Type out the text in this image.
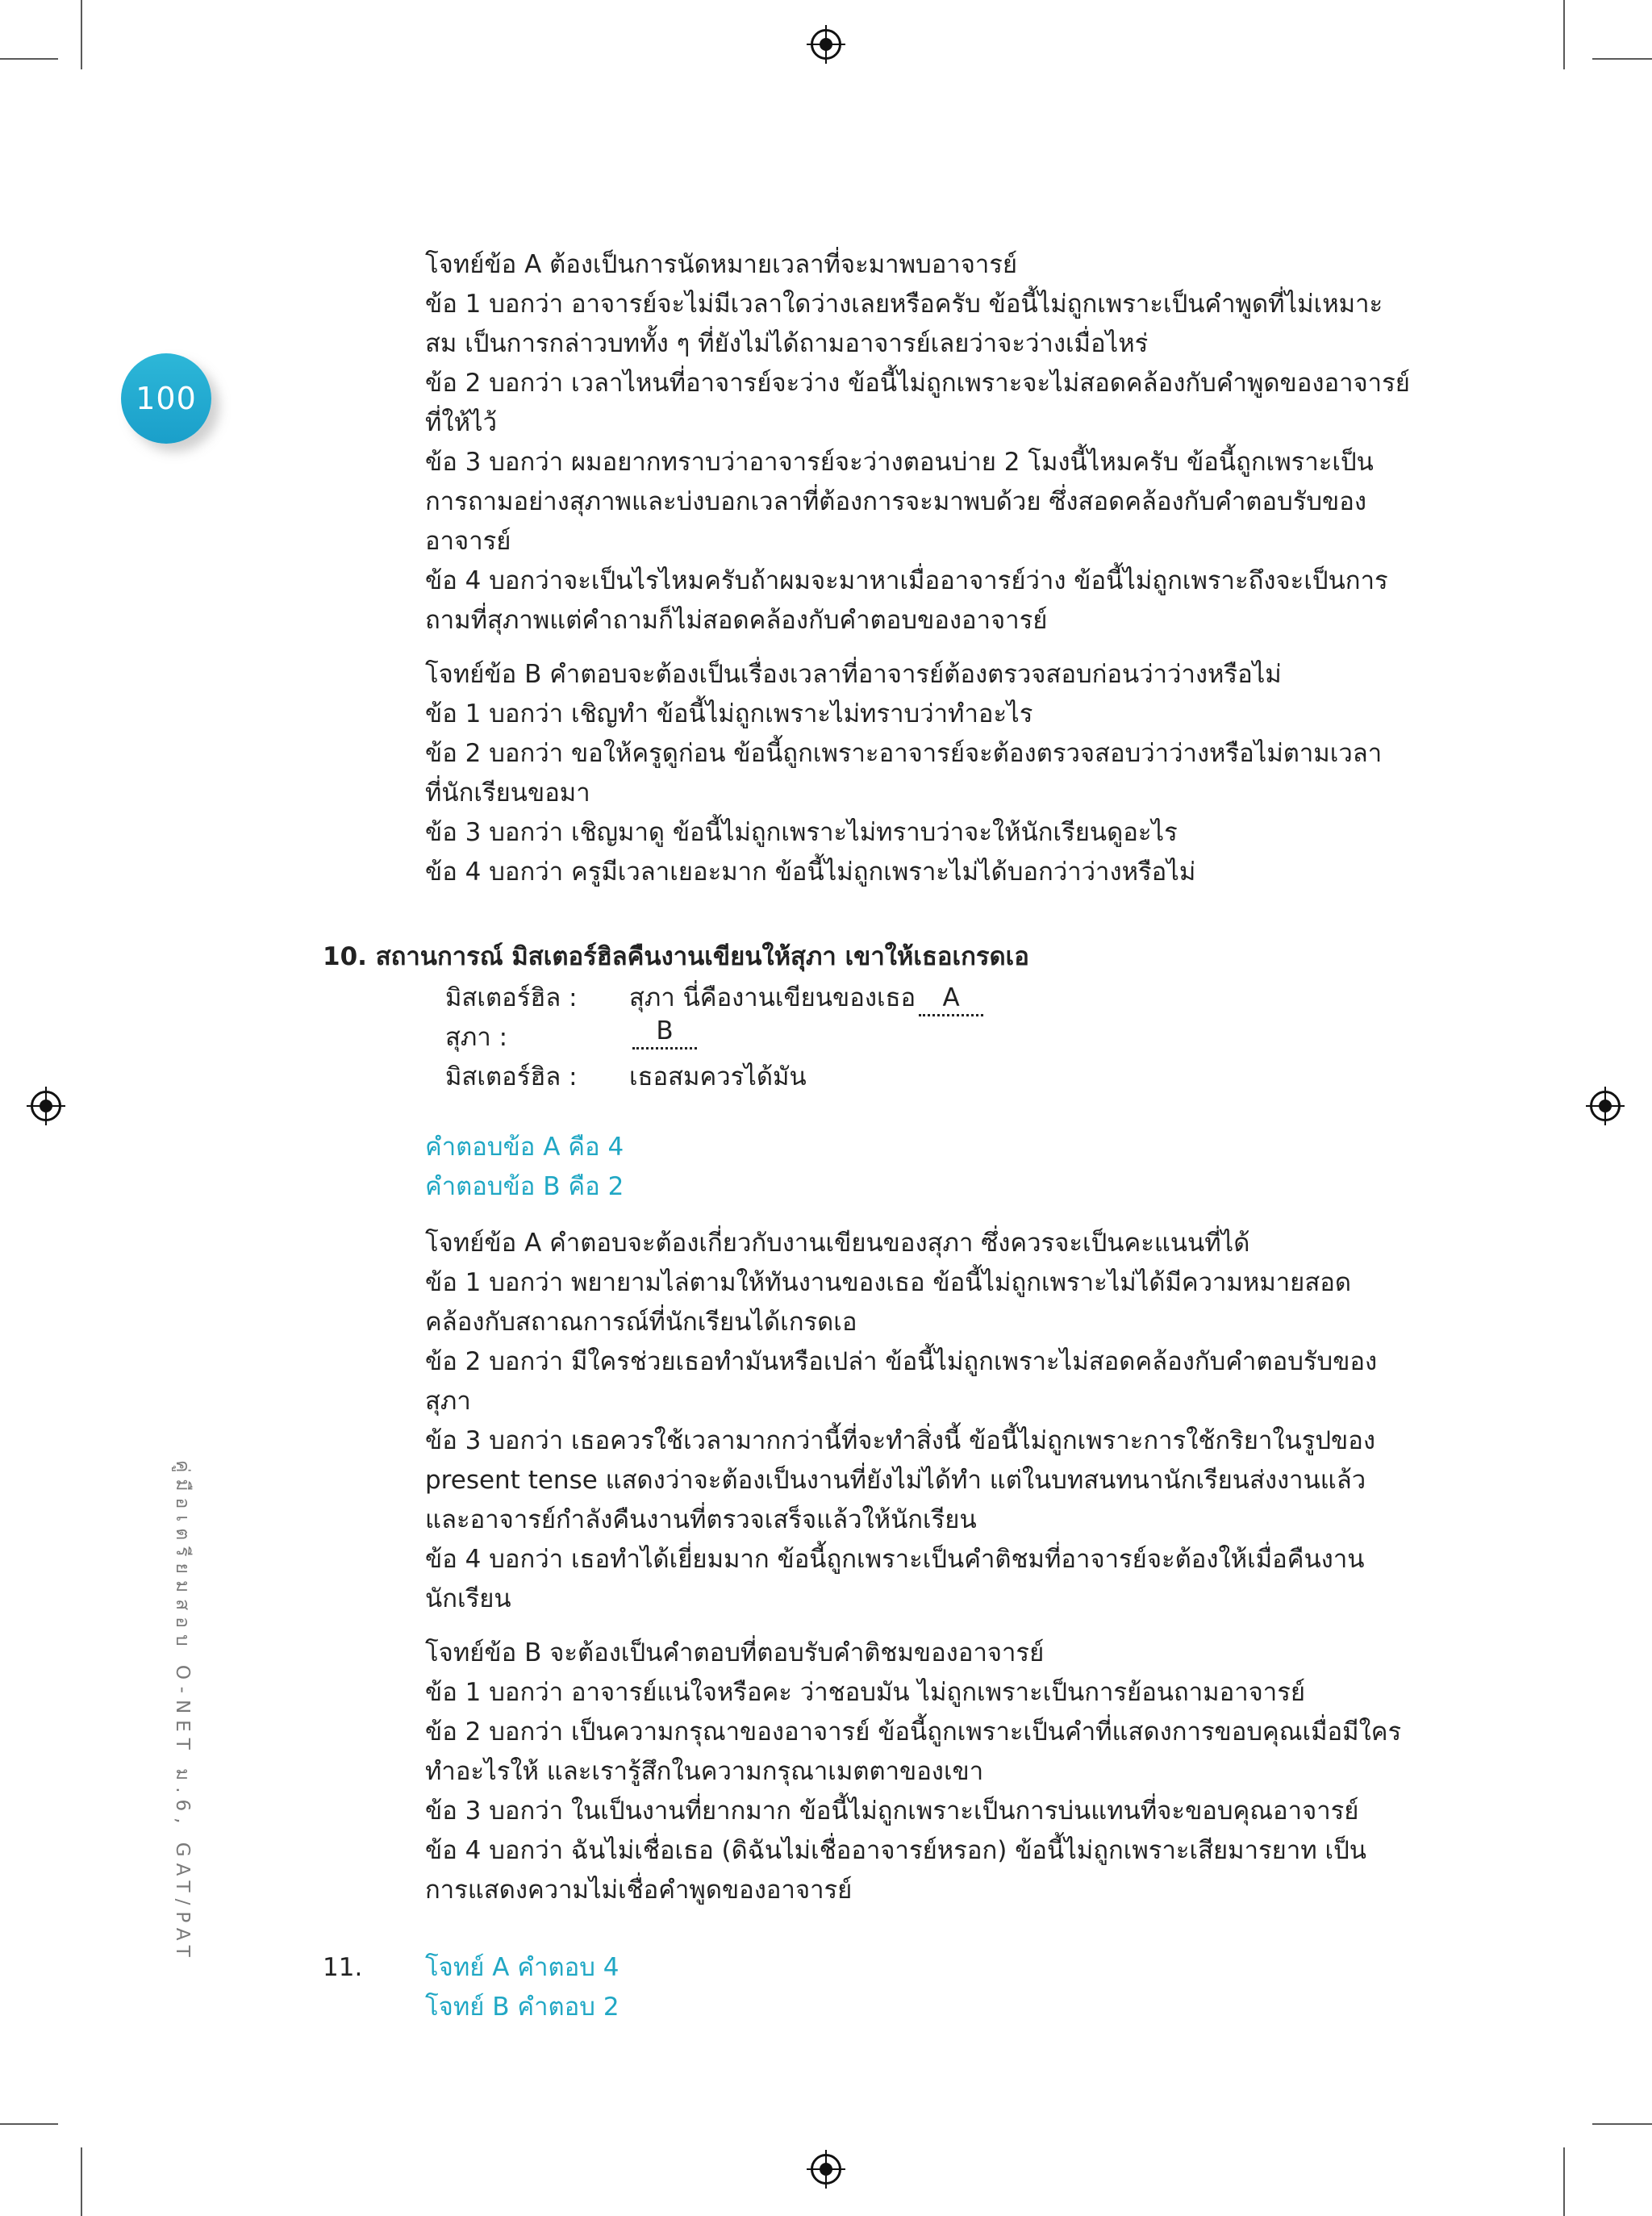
100
คู่มือเตรียมสอบ O-NET ม.6, GAT/PAT
โจทย์ข้อ A ต้องเป็นการนัดหมายเวลาที่จะมาพบอาจารย์
ข้อ 1 บอกว่า อาจารย์จะไม่มีเวลาใดว่างเลยหรือครับ ข้อนี้ไม่ถูกเพราะเป็นคำพูดที่ไม่เหมาะ
สม เป็นการกล่าวบททั้ง ๆ ที่ยังไม่ได้ถามอาจารย์เลยว่าจะว่างเมื่อไหร่
ข้อ 2 บอกว่า เวลาไหนที่อาจารย์จะว่าง ข้อนี้ไม่ถูกเพราะจะไม่สอดคล้องกับคำพูดของอาจารย์
ที่ให้ไว้
ข้อ 3 บอกว่า ผมอยากทราบว่าอาจารย์จะว่างตอนบ่าย 2 โมงนี้ไหมครับ ข้อนี้ถูกเพราะเป็น
การถามอย่างสุภาพและบ่งบอกเวลาที่ต้องการจะมาพบด้วย ซึ่งสอดคล้องกับคำตอบรับของ
อาจารย์
ข้อ 4 บอกว่าจะเป็นไรไหมครับถ้าผมจะมาหาเมื่ออาจารย์ว่าง ข้อนี้ไม่ถูกเพราะถึงจะเป็นการ
ถามที่สุภาพแต่คำถามก็ไม่สอดคล้องกับคำตอบของอาจารย์
โจทย์ข้อ B คำตอบจะต้องเป็นเรื่องเวลาที่อาจารย์ต้องตรวจสอบก่อนว่าว่างหรือไม่
ข้อ 1 บอกว่า เชิญทำ ข้อนี้ไม่ถูกเพราะไม่ทราบว่าทำอะไร
ข้อ 2 บอกว่า ขอให้ครูดูก่อน ข้อนี้ถูกเพราะอาจารย์จะต้องตรวจสอบว่าว่างหรือไม่ตามเวลา
ที่นักเรียนขอมา
ข้อ 3 บอกว่า เชิญมาดู ข้อนี้ไม่ถูกเพราะไม่ทราบว่าจะให้นักเรียนดูอะไร
ข้อ 4 บอกว่า ครูมีเวลาเยอะมาก ข้อนี้ไม่ถูกเพราะไม่ได้บอกว่าว่างหรือไม่
10. สถานการณ์ มิสเตอร์ฮิลคืนงานเขียนให้สุภา เขาให้เธอเกรดเอ
มิสเตอร์ฮิล :	สุภา นี่คืองานเขียนของเธอ A
สุภา :	B
มิสเตอร์ฮิล :	เธอสมควรได้มัน
คำตอบข้อ A คือ 4
คำตอบข้อ B คือ 2
โจทย์ข้อ A คำตอบจะต้องเกี่ยวกับงานเขียนของสุภา ซึ่งควรจะเป็นคะแนนที่ได้
ข้อ 1 บอกว่า พยายามไล่ตามให้ทันงานของเธอ ข้อนี้ไม่ถูกเพราะไม่ได้มีความหมายสอด
คล้องกับสถาณการณ์ที่นักเรียนได้เกรดเอ
ข้อ 2 บอกว่า มีใครช่วยเธอทำมันหรือเปล่า ข้อนี้ไม่ถูกเพราะไม่สอดคล้องกับคำตอบรับของ
สุภา
ข้อ 3 บอกว่า เธอควรใช้เวลามากกว่านี้ที่จะทำสิ่งนี้ ข้อนี้ไม่ถูกเพราะการใช้กริยาในรูปของ
present tense แสดงว่าจะต้องเป็นงานที่ยังไม่ได้ทำ แต่ในบทสนทนานักเรียนส่งงานแล้ว
และอาจารย์กำลังคืนงานที่ตรวจเสร็จแล้วให้นักเรียน
ข้อ 4 บอกว่า เธอทำได้เยี่ยมมาก ข้อนี้ถูกเพราะเป็นคำติชมที่อาจารย์จะต้องให้เมื่อคืนงาน
นักเรียน
โจทย์ข้อ B จะต้องเป็นคำตอบที่ตอบรับคำติชมของอาจารย์
ข้อ 1 บอกว่า อาจารย์แน่ใจหรือคะ ว่าชอบมัน ไม่ถูกเพราะเป็นการย้อนถามอาจารย์
ข้อ 2 บอกว่า เป็นความกรุณาของอาจารย์ ข้อนี้ถูกเพราะเป็นคำที่แสดงการขอบคุณเมื่อมีใคร
ทำอะไรให้ และเรารู้สึกในความกรุณาเมตตาของเขา
ข้อ 3 บอกว่า ในเป็นงานที่ยากมาก ข้อนี้ไม่ถูกเพราะเป็นการบ่นแทนที่จะขอบคุณอาจารย์
ข้อ 4 บอกว่า ฉันไม่เชื่อเธอ (ดิฉันไม่เชื่ออาจารย์หรอก) ข้อนี้ไม่ถูกเพราะเสียมารยาท เป็น
การแสดงความไม่เชื่อคำพูดของอาจารย์
11.	โจทย์ A คำตอบ 4
โจทย์ B คำตอบ 2
